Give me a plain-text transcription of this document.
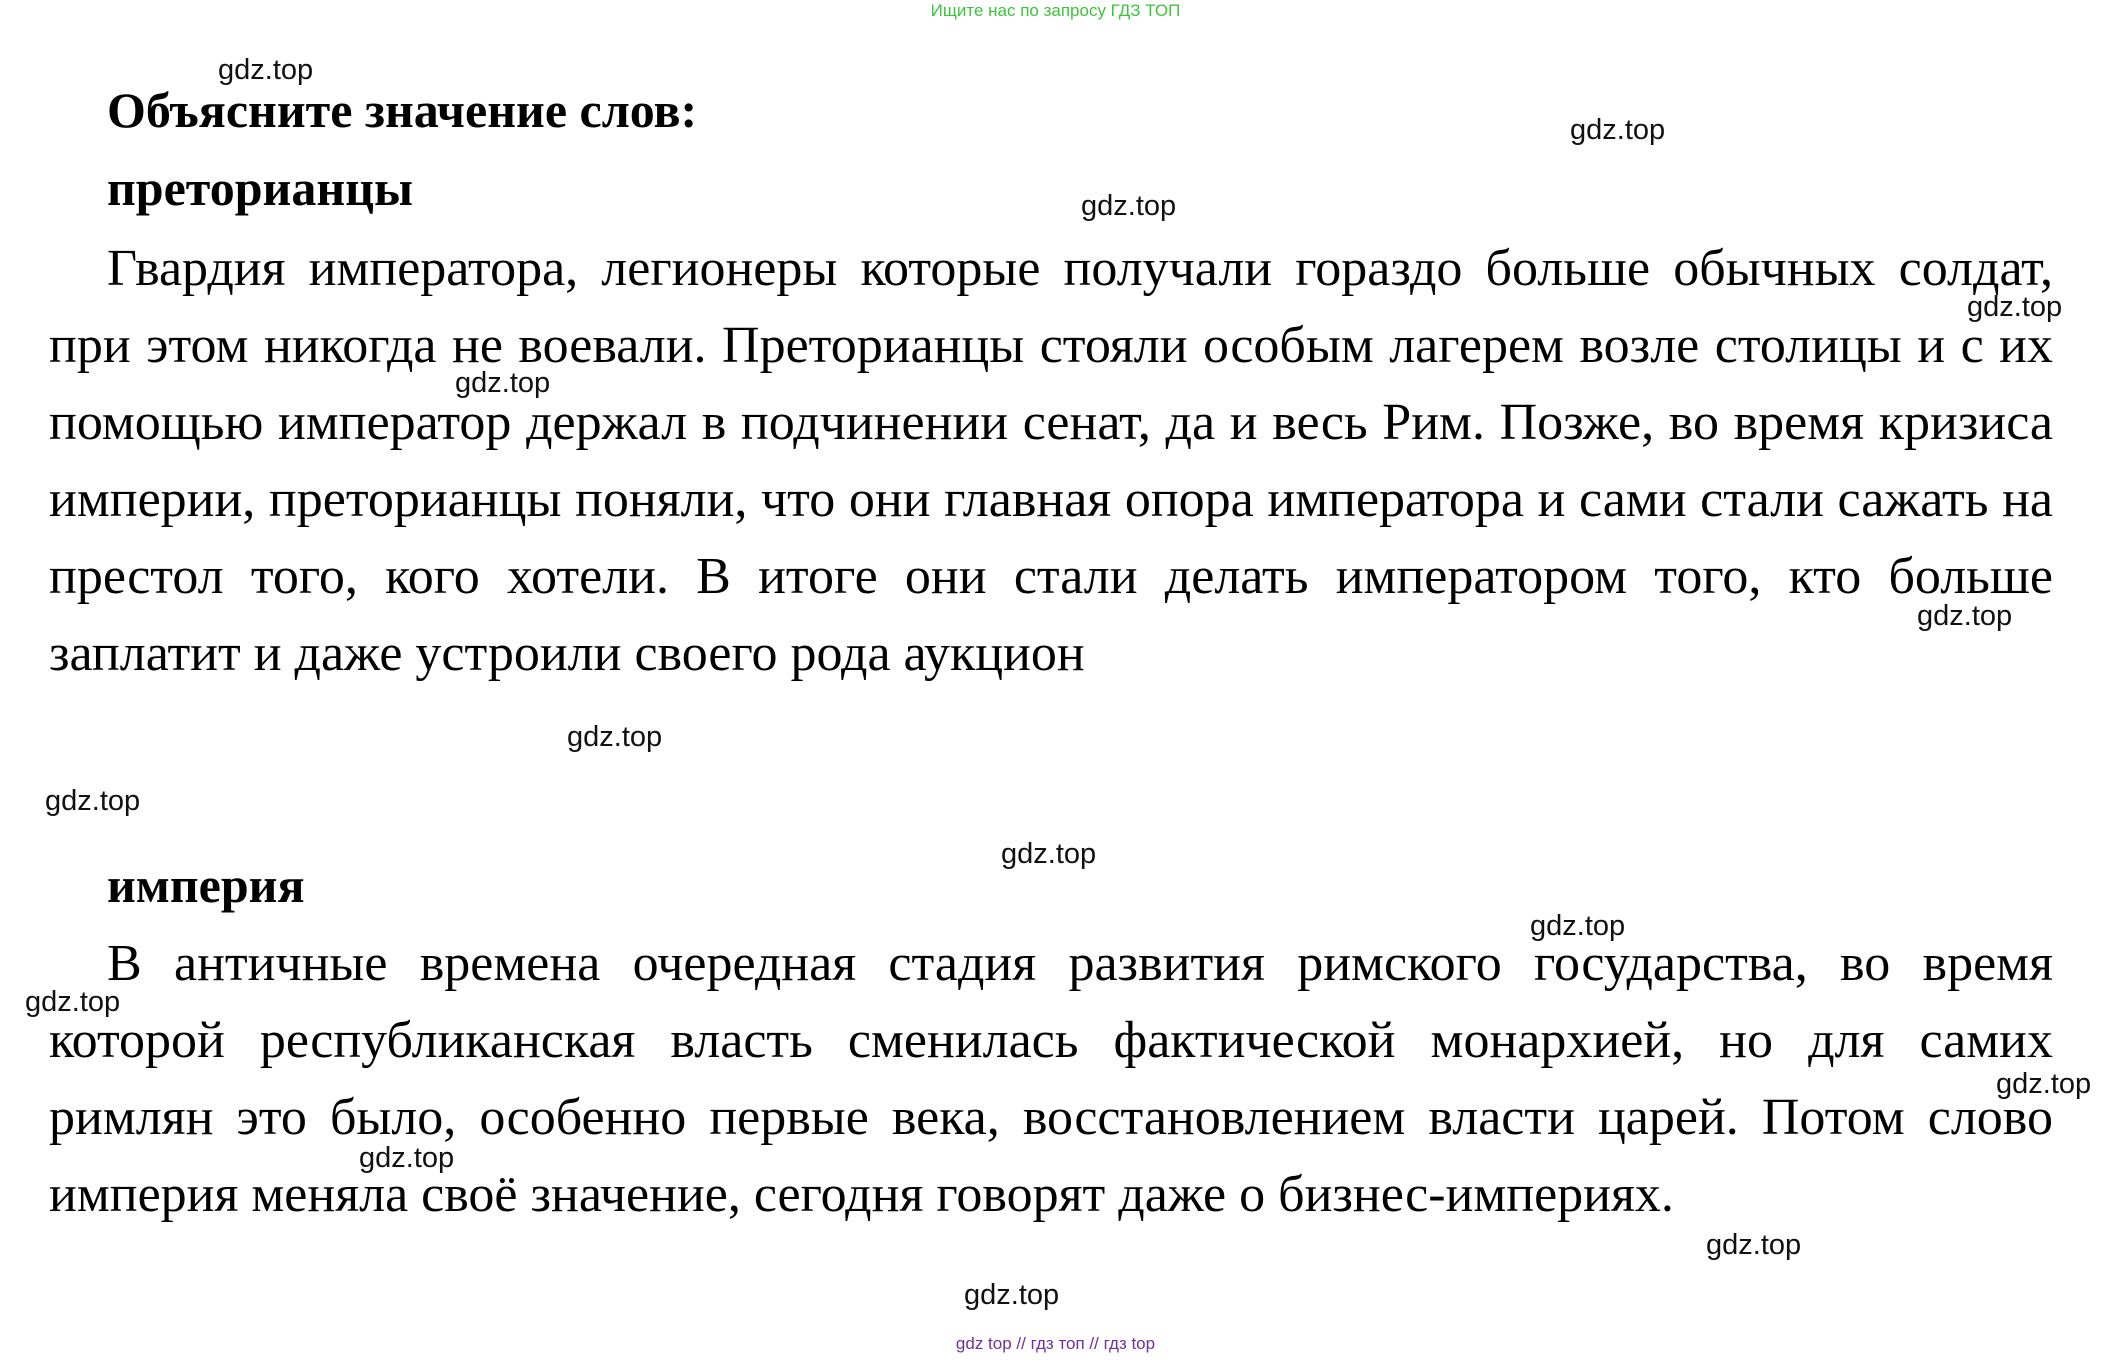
Ищите нас по запросу ГДЗ ТОП
Объясните значение слов:
преторианцы

Гвардия императора, легионеры которые получали гораздо больше обычных солдат, при этом никогда не воевали. Преторианцы стояли особым лагерем возле столицы и с их помощью император держал в подчинении сенат, да и весь Рим. Позже, во время кризиса империи, преторианцы поняли, что они главная опора императора и сами стали сажать на престол того, кого хотели. В итоге они стали делать императором того, кто больше заплатит и даже устроили своего рода аукцион

империя

В античные времена очередная стадия развития римского государства, во время которой республиканская власть сменилась фактической монархией, но для самих римлян это было, особенно первые века, восстановлением власти царей. Потом слово империя меняла своё значение, сегодня говорят даже о бизнес-империях.

gdz.top
gdz.top
gdz.top
gdz.top
gdz.top
gdz.top
gdz.top
gdz.top
gdz.top
gdz.top
gdz.top
gdz.top
gdz.top
gdz.top
gdz.top
gdz top // гдз топ // гдз top
